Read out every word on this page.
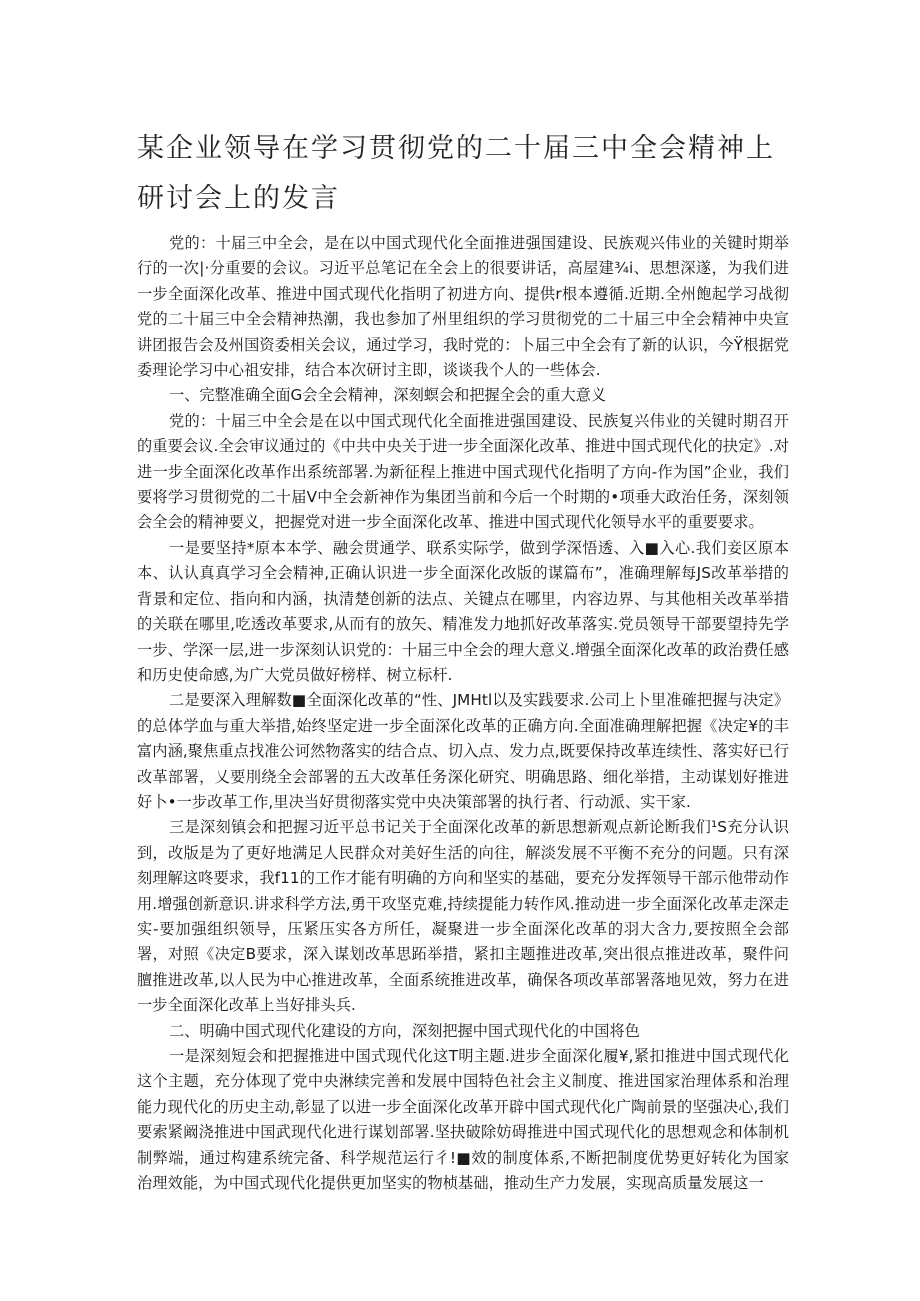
某企业领导在学习贯彻党的二十届三中全会精神上
研讨会上的发言

党的：十届三中全会，是在以中国式现代化全面推进强国建设、民族观兴伟业的关键时期举行的一次|·分重要的会议。习近平总笔记在全会上的很要讲话，高屋建¾i、思想深遂，为我们进一步全面深化改革、推进中国式现代化指明了初进方向、提供r根本遵循.近期.全州飽起学习战彻党的二十届三中全会精神热潮，我也参加了州里组织的学习贯彻党的二十届三中全会精神中央宣讲团报告会及州国资委相关会议，通过学习，我时党的：卜届三中全会有了新的认识，今Ÿ根据党委理论学习中心祖安排，结合本次研讨主即，谈谈我个人的一些体会.

一、完整准确全面G会全会精神，深刻螟会和把握全会的重大意义

党的：十届三中全会是在以中国式现代化全面推进强国建设、民族复兴伟业的关键时期召开的重要会议.全会审议通过的《中共中央关于进一步全面深化改革、推进中国式现代化的抉定》.对进一步全面深化改革作出系统部署.为新征程上推进中国式现代化指明了方向-作为国”企业，我们要将学习贯彻党的二十届V中全会新神作为集团当前和今后一个时期的•项垂大政治任务，深刻领会全会的精神要义，把握党对进一步全面深化改革、推进中国式现代化领导水平的重要要求。

一是要坚持*原本本学、融会贯通学、联系实际学，做到学深悟透、入■入心.我们妾区原本本、认认真真学习全会精神,正确认识进一步全面深化改版的谋篇布”，准确理解每JS改革举措的背景和定位、指向和内涵，执清楚创新的法点、关键点在哪里，内容边界、与其他相关改革举措的关联在哪里,吃透改革要求,从而有的放矢、精准发力地抓好改革落实.党员领导干部要望持先学一步、学深一层,进一步深刻认识党的：十届三中全会的理大意义.增强全面深化改革的政治费任感和历史使命感,为广大党员做好榜样、树立标杆.

二是要深入理解数■全面深化改革的“性、JMHtl以及实践要求.公司上卜里准確把握与决定》的总体学血与重大举措,始终坚定进一步全面深化改革的正确方向.全面准确理解把握《决定¥的丰富内涵,聚焦重点找准公诃然物落实的结合点、切入点、发力点,既要保持改革连续性、落实好已行改革部署，乂要刖绕全会部署的五大改革任务深化研究、明确思路、细化举措，主动谋划好推进好卜•一步改革工作,里决当好贯彻落实党中央决策部署的执行者、行动派、实干家.

三是深刻镇会和把握习近平总书记关于全面深化改革的新思想新观点新论断我们¹S充分认识到，改版是为了更好地满足人民群众对美好生活的向往，解淡发展不平衡不充分的问题。只有深刻理解这咚要求，我f11的工作才能有明确的方向和坚实的基础，要充分发挥领导干部示他带动作用.增强创新意识.讲求科学方法,勇干攻坚克难,持续提能力转作风.推动进一步全面深化改革走深走实-要加强组织领导，压紧压实各方所任，凝聚进一步全面深化改革的羽大含力,要按照全会部署，对照《决定B要求，深入谋划改革思跖举措，紧扣主题推进改革,突出很点推进改革，聚件问膻推进改革,以人民为中心推进改革，全面系统推进改革，确保各项改革部署落地见效，努力在进一步全面深化改革上当好排头兵.

二、明确中国式现代化建设的方向，深刻把握中国式现代化的中国将色

一是深刻短会和把握推进中国式现代化这T明主题.进步全面深化履¥,紧扣推进中国式现代化这个主题，充分体现了党中央淋续完善和发展中国特色社会主义制度、推进国家治理体系和治理能力现代化的历史主动,彰显了以进一步全面深化改革开辟中国式现代化广陶前景的坚强决心,我们要索紧阚浇推进中国武现代化进行谋划部署.坚抉破除妨碍推进中国式现代化的思想观念和体制机制弊端，通过构建系统完备、科学规范运行彳!■效的制度体系,不断把制度优势更好转化为国家治理效能，为中国式现代化提供更加坚实的物桢基础，推动生产力发展，实现高质量发展这一
